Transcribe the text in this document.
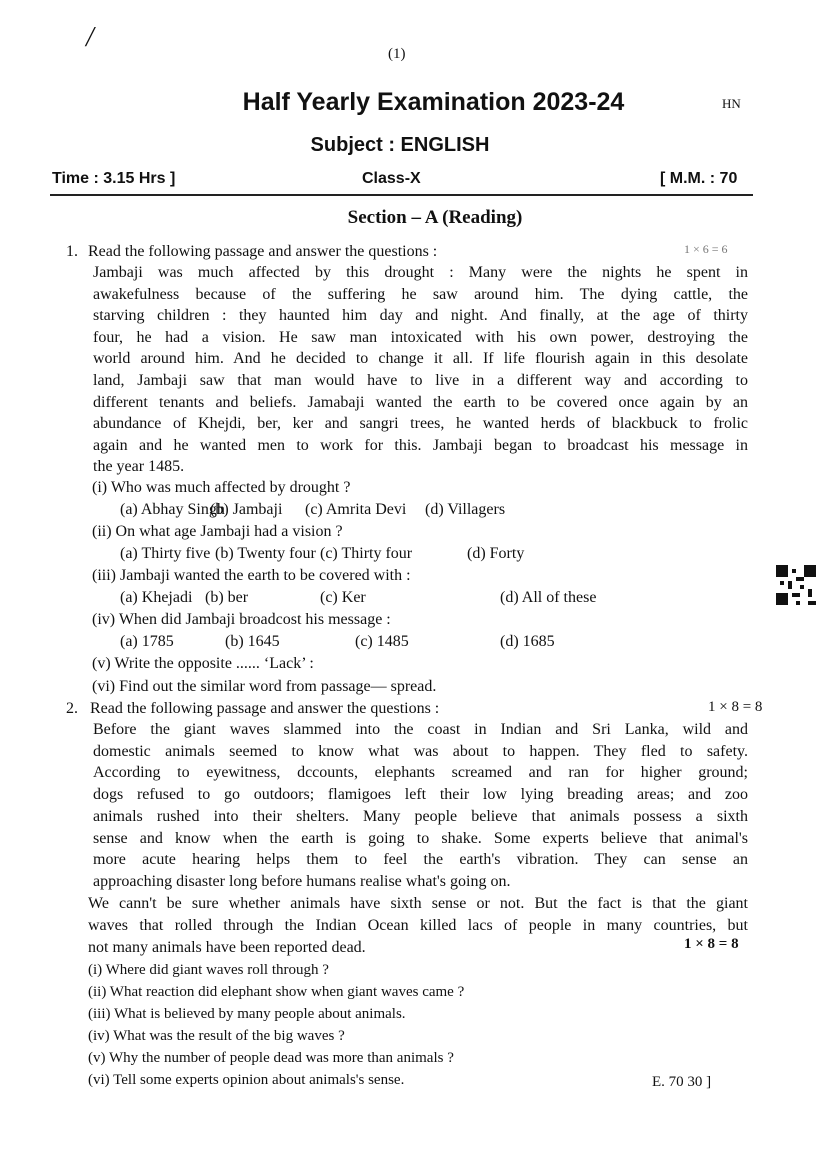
/
(1)
Half Yearly Examination 2023-24	HN
Subject : ENGLISH
Time : 3.15 Hrs ]	Class-X	[ M.M. : 70
Section – A (Reading)
1. Read the following passage and answer the questions :	1 × 6 = 6
Jambaji was much affected by this drought : Many were the nights he spent in
awakefulness because of the suffering he saw around him. The dying cattle, the
starving children : they haunted him day and night. And finally, at the age of thirty
four, he had a vision. He saw man intoxicated with his own power, destroying the
world around him. And he decided to change it all. If life flourish again in this desolate
land, Jambaji saw that man would have to live in a different way and according to
different tenants and beliefs. Jamabaji wanted the earth to be covered once again by an
abundance of Khejdi, ber, ker and sangri trees, he wanted herds of blackbuck to frolic
again and he wanted men to work for this. Jambaji began to broadcast his message in
the year 1485.
(i) Who was much affected by drought ?
(a) Abhay Singh
(b) Jambaji (c) Amrita Devi (d) Villagers
(ii) On what age Jambaji had a vision ?
(a) Thirty five (b) Twenty four (c) Thirty four	(d) Forty
(iii) Jambaji wanted the earth to be covered with :
(a) Khejadi (b) ber	(c) Ker	(d) All of these
(iv) When did Jambaji broadcost his message :
(a) 1785	(b) 1645	(c) 1485	(d) 1685
(v) Write the opposite ...... ‘Lack’ :
(vi) Find out the similar word from passage— spread.
2. Read the following passage and answer the questions :	1 × 8 = 8
Before the giant waves slammed into the coast in Indian and Sri Lanka, wild and
domestic animals seemed to know what was about to happen. They fled to safety.
According to eyewitness, dccounts, elephants screamed and ran for higher ground;
dogs refused to go outdoors; flamigoes left their low lying breading areas; and zoo
animals rushed into their shelters. Many people believe that animals possess a sixth
sense and know when the earth is going to shake. Some experts believe that animal's
more acute hearing helps them to feel the earth's vibration. They can sense an
approaching disaster long before humans realise what's going on.
We cann't be sure whether animals have sixth sense or not. But the fact is that the giant
waves that rolled through the Indian Ocean killed lacs of people in many countries, but
not many animals have been reported dead.	1 × 8 = 8
(i) Where did giant waves roll through ?
(ii) What reaction did elephant show when giant waves came ?
(iii) What is believed by many people about animals.
(iv) What was the result of the big waves ?
(v) Why the number of people dead was more than animals ?
(vi) Tell some experts opinion about animals's sense.	E. 70 30 ]
